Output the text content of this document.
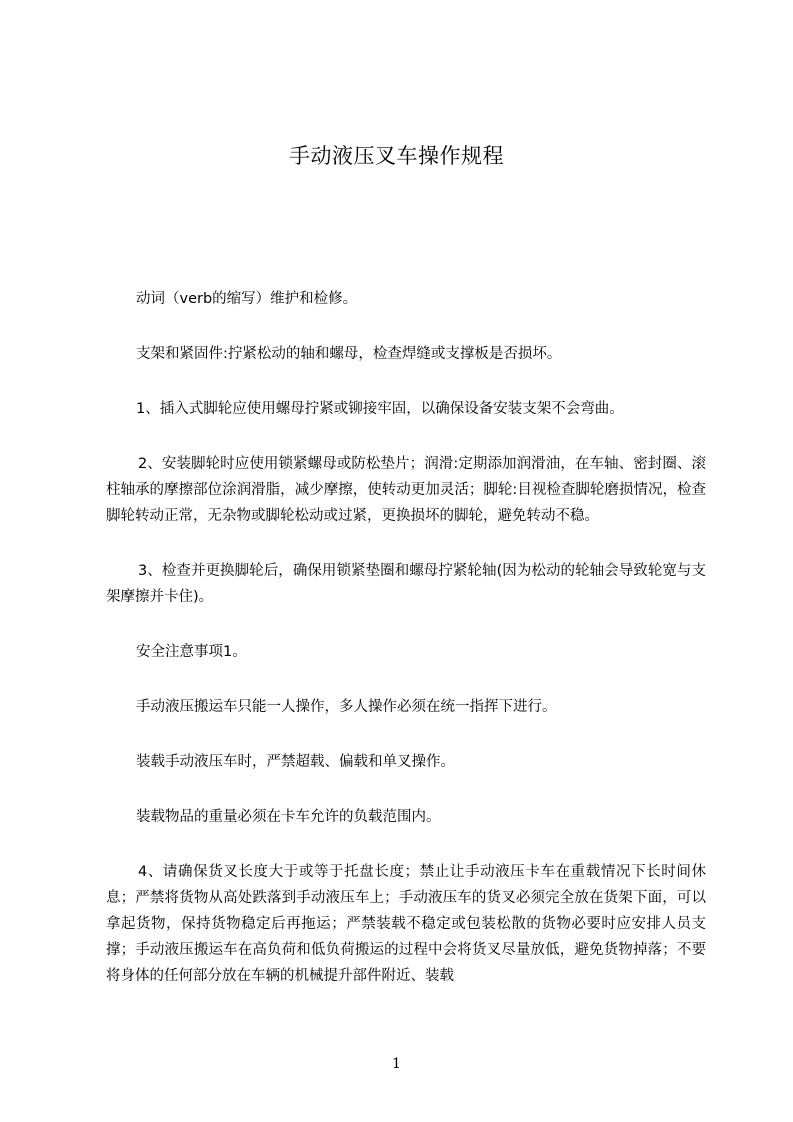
手动液压叉车操作规程

动词（verb的缩写）维护和检修。

支架和紧固件:拧紧松动的轴和螺母，检查焊缝或支撑板是否损坏。

1、插入式脚轮应使用螺母拧紧或铆接牢固，以确保设备安装支架不会弯曲。

2、安装脚轮时应使用锁紧螺母或防松垫片；润滑:定期添加润滑油，在车轴、密封圈、滚柱轴承的摩擦部位涂润滑脂，减少摩擦，使转动更加灵活；脚轮:目视检查脚轮磨损情况，检查脚轮转动正常，无杂物或脚轮松动或过紧，更换损坏的脚轮，避免转动不稳。

3、检查并更换脚轮后，确保用锁紧垫圈和螺母拧紧轮轴(因为松动的轮轴会导致轮宽与支架摩擦并卡住)。

安全注意事项1。

手动液压搬运车只能一人操作，多人操作必须在统一指挥下进行。

装载手动液压车时，严禁超载、偏载和单叉操作。

装载物品的重量必须在卡车允许的负载范围内。

4、请确保货叉长度大于或等于托盘长度；禁止让手动液压卡车在重载情况下长时间休息；严禁将货物从高处跌落到手动液压车上；手动液压车的货叉必须完全放在货架下面，可以拿起货物，保持货物稳定后再拖运；严禁装载不稳定或包装松散的货物必要时应安排人员支撑；手动液压搬运车在高负荷和低负荷搬运的过程中会将货叉尽量放低，避免货物掉落；不要将身体的任何部分放在车辆的机械提升部件附近、装载

1
